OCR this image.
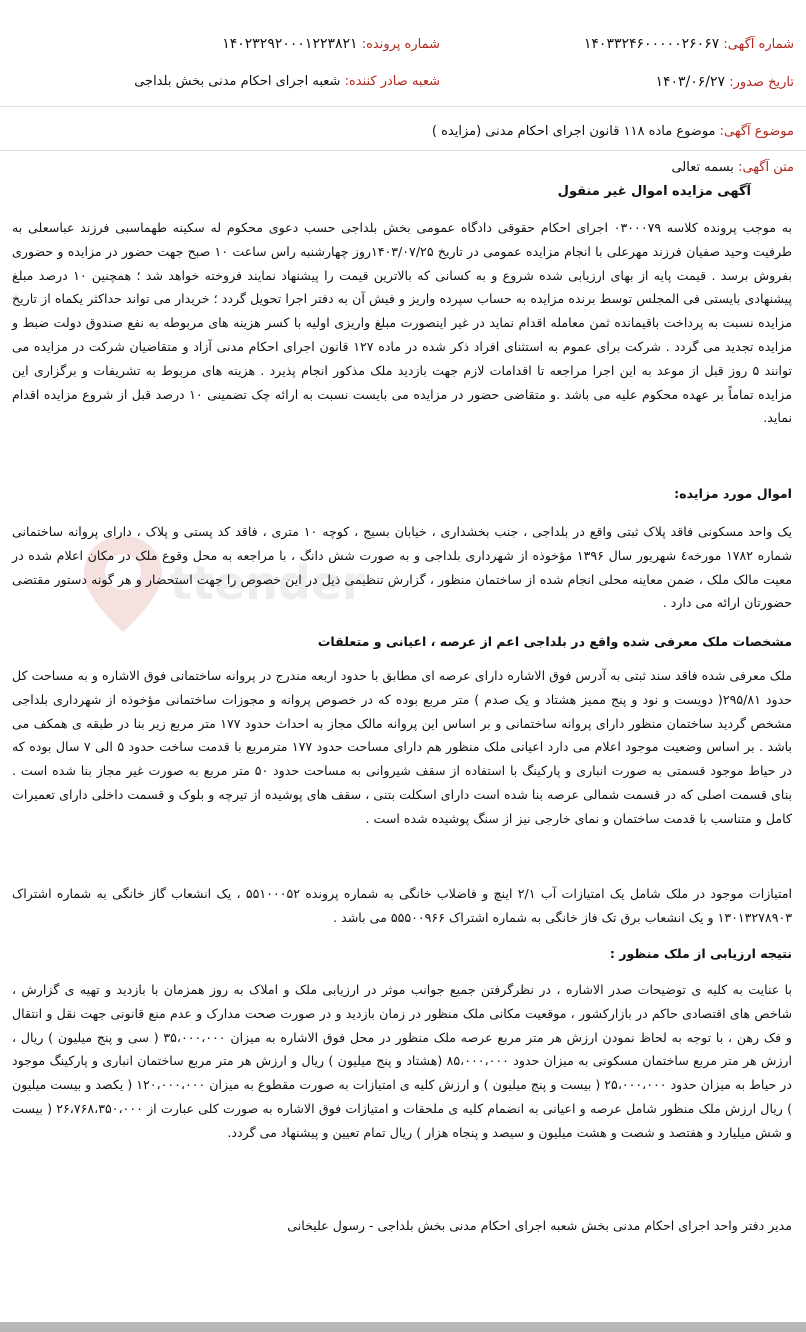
شماره آگهی: ۱۴۰۳۳۲۴۶۰۰۰۰۰۲۶۰۶۷
شماره پرونده: ۱۴۰۲۳۲۹۲۰۰۰۱۲۲۳۸۲۱
تاریخ صدور: ۱۴۰۳/۰۶/۲۷
شعبه صادر کننده: شعبه اجرای احکام مدنی بخش بلداجی
موضوع آگهی: موضوع ماده ۱۱۸ قانون اجرای احکام مدنی (مزایده )
متن آگهی: بسمه تعالی
آگهی مزایده اموال غیر منقول
ttender
به موجب پرونده کلاسه ۰۳۰۰۰۷۹ اجرای احکام حقوقی دادگاه عمومی بخش بلداجی حسب دعوی محکوم له سکینه طهماسبی فرزند عباسعلی به طرفیت وحید صفیان فرزند مهرعلی با انجام مزایده عمومی در تاریخ ۱۴۰۳/۰۷/۲۵روز چهارشنبه راس ساعت ۱۰ صبح جهت حضور در مزایده و حضوری بفروش برسد . قیمت پایه از بهای ارزیابی شده شروع و به کسانی که بالاترین قیمت را پیشنهاد نمایند فروخته خواهد شد ؛ همچنین ۱۰ درصد مبلغ پیشنهادی بایستی فی المجلس توسط برنده مزایده به حساب سپرده واریز و فیش آن به دفتر اجرا تحویل گردد ؛ خریدار می تواند حداکثر یکماه از تاریخ مزایده نسبت به پرداخت باقیمانده ثمن معامله اقدام نماید در غیر اینصورت مبلغ واریزی اولیه با کسر هزینه های مربوطه به نفع صندوق دولت ضبط و مزایده تجدید می گردد . شرکت برای عموم به استثنای افراد ذکر شده در ماده ۱۲۷ قانون اجرای احکام مدنی آزاد و متقاضیان شرکت در مزایده می توانند ۵ روز قبل از موعد به این اجرا مراجعه تا اقدامات لازم جهت بازدید ملک مذکور انجام پذیرد . هزینه های مربوط به تشریفات و برگزاری این مزایده تماماً بر عهده محکوم علیه می باشد .و متقاضی حضور در مزایده می بایست نسبت به ارائه چک تضمینی ۱۰ درصد قبل از شروع مزایده اقدام نماید.
اموال مورد مزایده:
یک واحد مسکونی فاقد پلاک ثبتی واقع در بلداجی ، جنب بخشداری ، خیابان بسیج ، کوچه ۱۰ متری ، فاقد کد پستی و پلاک ، دارای پروانه ساختمانی شماره ۱۷۸۲ مورخه٤ شهریور سال ۱۳۹۶ مؤخوذه از شهرداری بلداجی و به صورت شش دانگ ، با مراجعه به محل وقوع ملک در مکان اعلام شده در معیت مالک ملک ، ضمن معاینه محلی انجام شده از ساختمان منظور ، گزارش تنظیمی ذیل در این خصوص را جهت استحضار و هر گونه دستور مقتضی حضورتان ارائه می دارد .
مشخصات ملک معرفی شده واقع در بلداجی اعم از عرصه ، اعیانی و متعلقات
ملک معرفی شده فاقد سند ثبتی به آدرس فوق الاشاره دارای عرصه ای مطابق با حدود اربعه مندرج در پروانه ساختمانی فوق الاشاره و به مساحت کل حدود ۲۹۵/۸۱( دویست و نود و پنج ممیز هشتاد و یک صدم ) متر مربع بوده که در خصوص پروانه و مجوزات ساختمانی مؤخوذه از شهرداری بلداجی مشخص گردید ساختمان منظور دارای پروانه ساختمانی و بر اساس این پروانه مالک مجاز به احداث حدود ۱۷۷ متر مربع زیر بنا در طبقه ی همکف می باشد . بر اساس وضعیت موجود اعلام می دارد اعیانی ملک منظور هم دارای مساحت حدود ۱۷۷ مترمربع با قدمت ساخت حدود ۵ الی ۷ سال بوده که در حیاط موجود قسمتی به صورت انباری و پارکینگ با استفاده از سقف شیروانی به مساحت حدود ۵۰ متر مربع به صورت غیر مجاز بنا شده است . بنای قسمت اصلی که در قسمت شمالی عرصه بنا شده است دارای اسکلت بتنی ، سقف های پوشیده از تیرچه و بلوک و قسمت داخلی دارای تعمیرات کامل و متناسب با قدمت ساختمان و نمای خارجی نیز از سنگ پوشیده شده است .
امتیازات موجود در ملک شامل یک امتیازات آب ۲/۱ اینچ و فاضلاب خانگی به شماره پرونده ۵۵۱۰۰۰۵۲ ، یک انشعاب گاز خانگی به شماره اشتراک ۱۳۰۱۳۲۷۸۹۰۳ و یک انشعاب برق تک فاز خانگی به شماره اشتراک ۵۵۵۰۰۹۶۶ می باشد .
نتیجه ارزیابی از ملک منظور :
با عنایت به کلیه ی توضیحات صدر الاشاره ، در نظرگرفتن جمیع جوانب موثر در ارزیابی ملک و املاک به روز همزمان با بازدید و تهیه ی گزارش ، شاخص های اقتصادی حاکم در بازارکشور ، موقعیت مکانی ملک منظور در زمان بازدید و در صورت صحت مدارک و عدم منع قانونی جهت نقل و انتقال و فک رهن ، با توجه به لحاظ نمودن ارزش هر متر مربع عرصه ملک منظور در محل فوق الاشاره به میزان ۳۵،۰۰۰،۰۰۰ ( سی و پنج میلیون ) ریال ، ارزش هر متر مربع ساختمان مسکونی به میزان حدود ۸۵،۰۰۰،۰۰۰ (هشتاد و پنج میلیون ) ریال و ارزش هر متر مربع ساختمان انباری و پارکینگ موجود در حیاط به میزان حدود ۲۵،۰۰۰،۰۰۰ ( بیست و پنج میلیون ) و ارزش کلیه ی امتیازات به صورت مقطوع به میزان ۱۲۰،۰۰۰،۰۰۰ ( یکصد و بیست میلیون ) ریال ارزش ملک منظور شامل عرصه و اعیانی به انضمام کلیه ی ملحقات و امتیازات فوق الاشاره به صورت کلی عبارت از ۲۶،۷۶۸،۳۵۰،۰۰۰ ( بیست و شش میلیارد و هفتصد و شصت و هشت میلیون و سیصد و پنجاه هزار ) ریال تمام تعیین و پیشنهاد می گردد.
مدیر دفتر واحد اجرای احکام مدنی بخش شعبه اجرای احکام مدنی بخش بلداجی - رسول علیخانی
